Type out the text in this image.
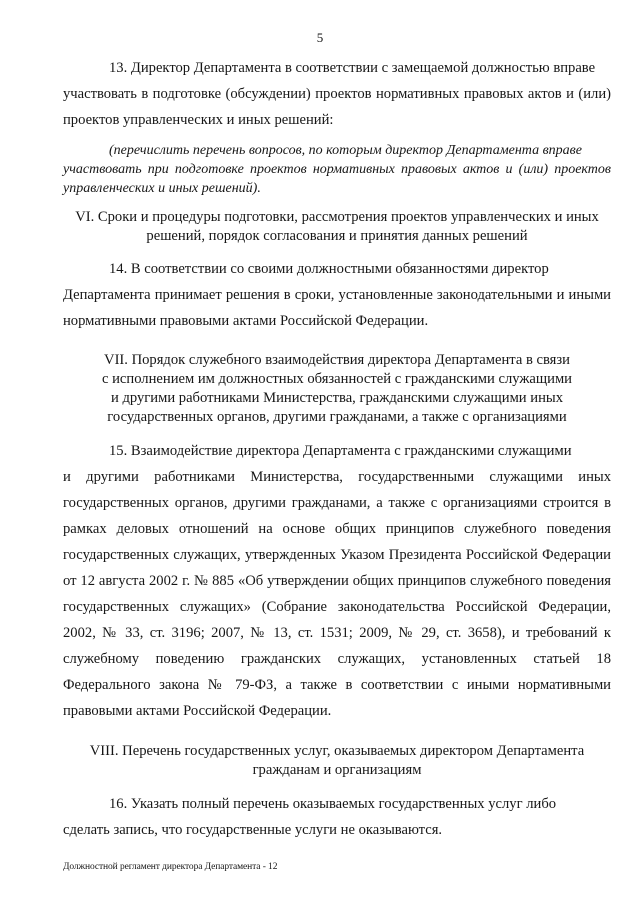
5

13. Директор Департамента в соответствии с замещаемой должностью вправе
участвовать в подготовке (обсуждении) проектов нормативных правовых актов и (или) проектов управленческих и иных решений:

(перечислить перечень вопросов, по которым директор Департамента вправе
участвовать при подготовке проектов нормативных правовых актов и (или) проектов управленческих и иных решений).

VI. Сроки и процедуры подготовки, рассмотрения проектов управленческих и иных
решений, порядок согласования и принятия данных решений

14. В соответствии со своими должностными обязанностями директор
Департамента принимает решения в сроки, установленные законодательными и иными нормативными правовыми актами Российской Федерации.

VII. Порядок служебного взаимодействия директора Департамента в связи
с исполнением им должностных обязанностей с гражданскими служащими
и другими работниками Министерства, гражданскими служащими иных
государственных органов, другими гражданами, а также с организациями

15. Взаимодействие директора Департамента с гражданскими служащими
и другими работниками Министерства, государственными служащими иных государственных органов, другими гражданами, а также с организациями строится в рамках деловых отношений на основе общих принципов служебного поведения государственных служащих, утвержденных Указом Президента Российской Федерации от 12 августа 2002 г. № 885 «Об утверждении общих принципов служебного поведения государственных служащих» (Собрание законодательства Российской Федерации, 2002, № 33, ст. 3196; 2007, № 13, ст. 1531; 2009, № 29, ст. 3658), и требований к служебному поведению гражданских служащих, установленных статьей 18 Федерального закона № 79-ФЗ, а также в соответствии с иными нормативными правовыми актами Российской Федерации.

VIII. Перечень государственных услуг, оказываемых директором Департамента
гражданам и организациям

16. Указать полный перечень оказываемых государственных услуг либо
сделать запись, что государственные услуги не оказываются.

Должностной регламент директора Департамента - 12
